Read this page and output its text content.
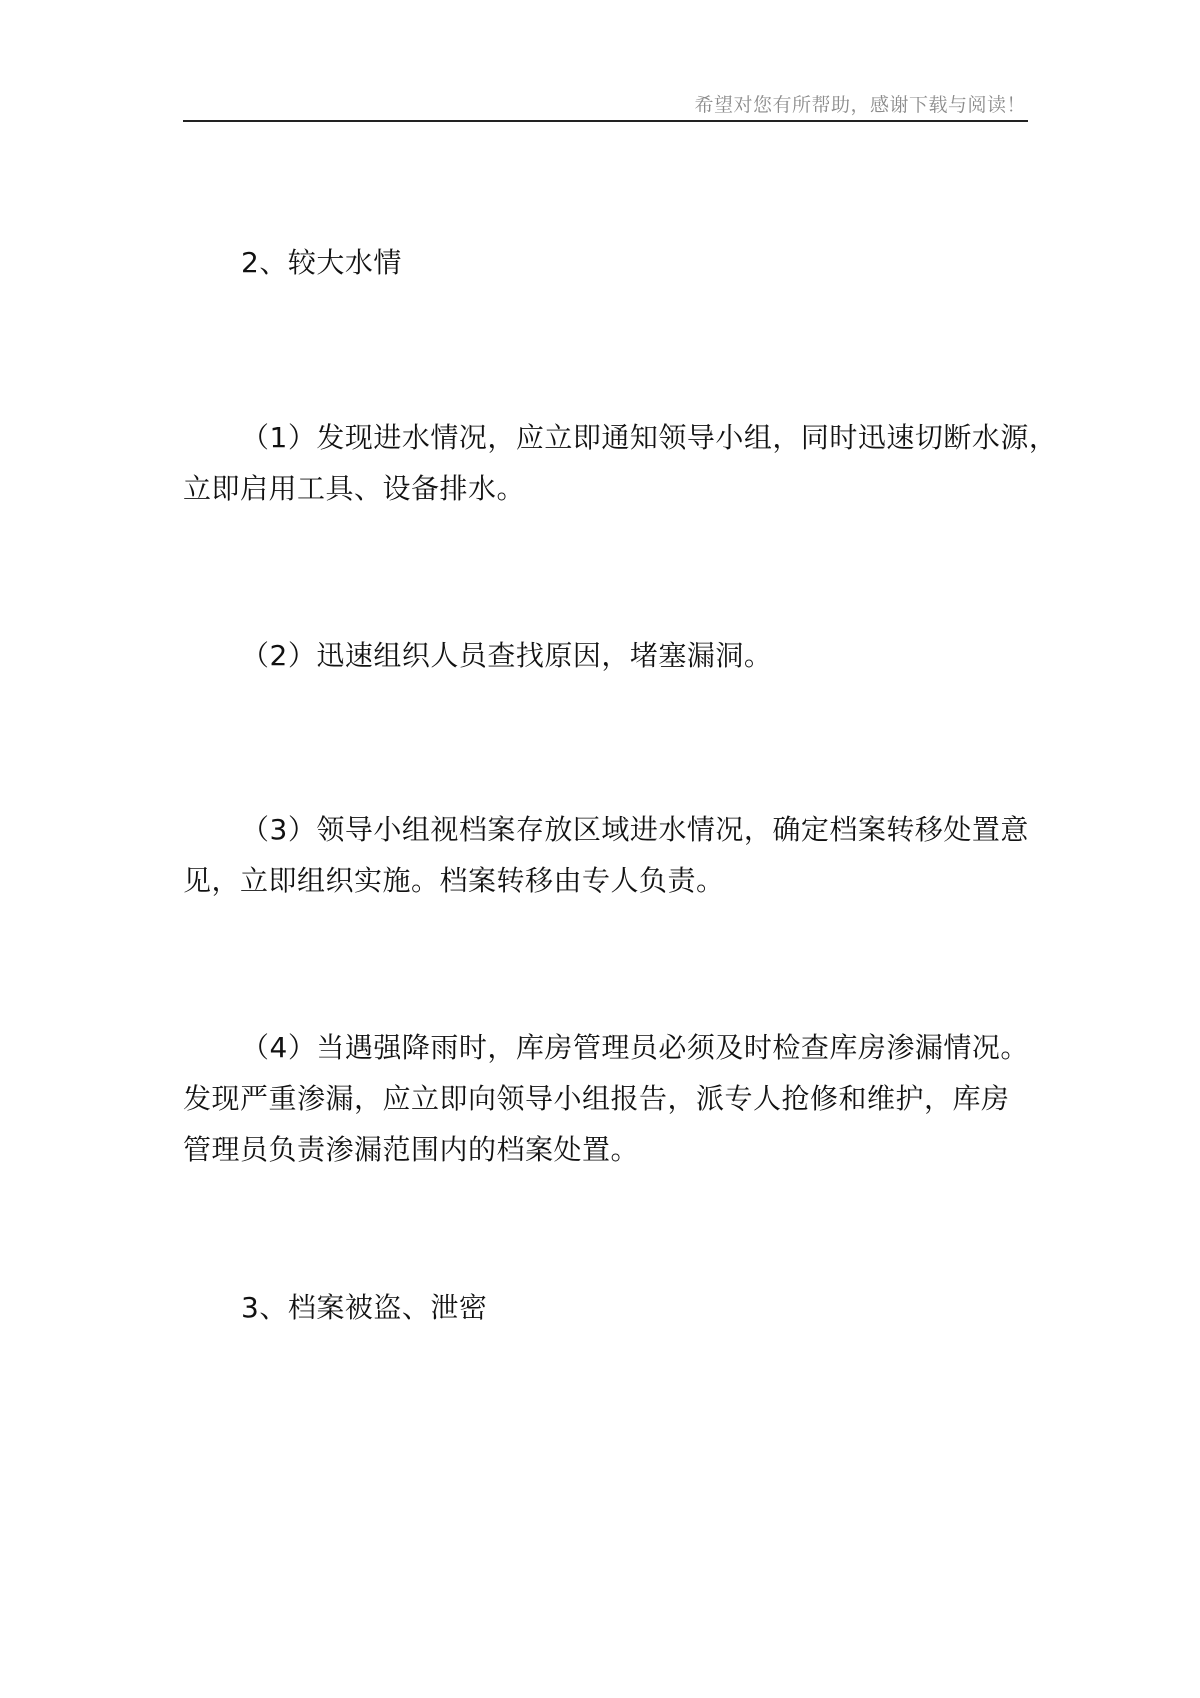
希望对您有所帮助，感谢下载与阅读！
2、较大水情
（1）发现进水情况，应立即通知领导小组，同时迅速切断水源，
立即启用工具、设备排水。
（2）迅速组织人员查找原因，堵塞漏洞。
（3）领导小组视档案存放区域进水情况，确定档案转移处置意
见，立即组织实施。档案转移由专人负责。
（4）当遇强降雨时，库房管理员必须及时检查库房渗漏情况。
发现严重渗漏，应立即向领导小组报告，派专人抢修和维护，库房
管理员负责渗漏范围内的档案处置。
3、档案被盗、泄密
